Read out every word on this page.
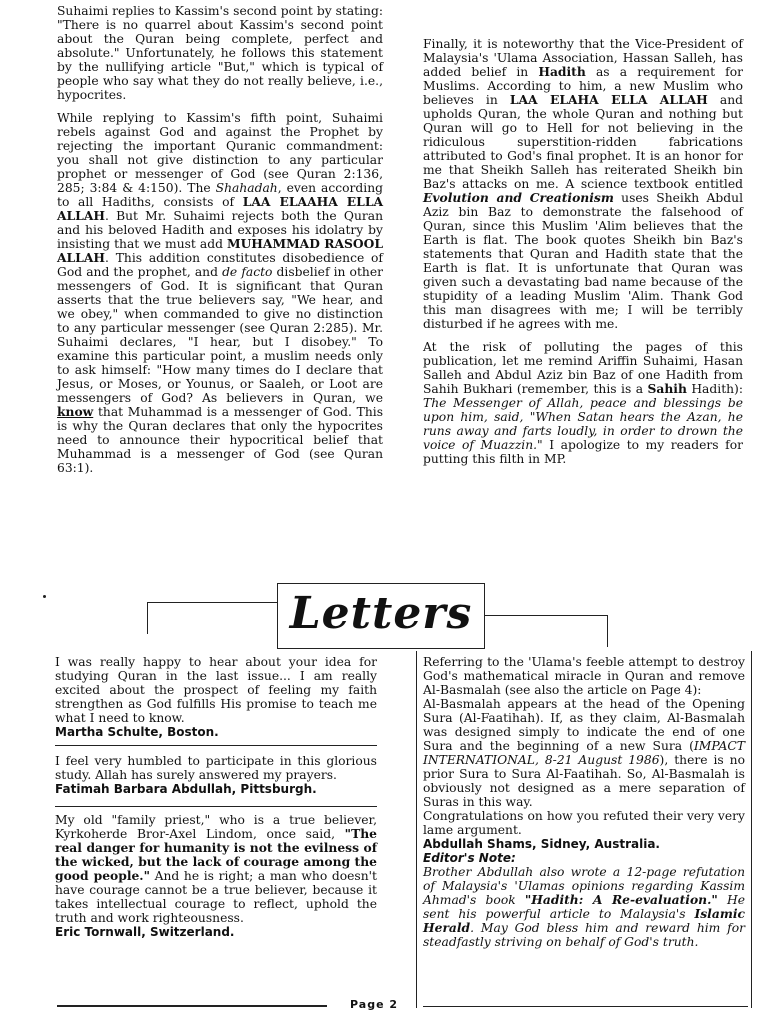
Suhaimi replies to Kassim's second point by stating: "There is no quarrel about Kassim's second point about the Quran being complete, perfect and absolute." Unfortunately, he follows this statement by the nullifying article "But," which is typical of people who say what they do not really believe, i.e., hypocrites.

While replying to Kassim's fifth point, Suhaimi rebels against God and against the Prophet by rejecting the important Quranic commandment: you shall not give distinction to any particular prophet or messenger of God (see Quran 2:136, 285; 3:84 & 4:150). The Shahadah, even according to all Hadiths, consists of LAA ELAAHA ELLA ALLAH. But Mr. Suhaimi rejects both the Quran and his beloved Hadith and exposes his idolatry by insisting that we must add MUHAMMAD RASOOL ALLAH. This addition constitutes disobedience of God and the prophet, and de facto disbelief in other messengers of God. It is significant that Quran asserts that the true believers say, "We hear, and we obey," when commanded to give no distinction to any particular messenger (see Quran 2:285). Mr. Suhaimi declares, "I hear, but I disobey." To examine this particular point, a muslim needs only to ask himself: "How many times do I declare that Jesus, or Moses, or Younus, or Saaleh, or Loot are messengers of God? As believers in Quran, we know that Muhammad is a messenger of God. This is why the Quran declares that only the hypocrites need to announce their hypocritical belief that Muhammad is a messenger of God (see Quran 63:1).

Finally, it is noteworthy that the Vice-President of Malaysia's 'Ulama Association, Hassan Salleh, has added belief in Hadith as a requirement for Muslims. According to him, a new Muslim who believes in LAA ELAHA ELLA ALLAH and upholds Quran, the whole Quran and nothing but Quran will go to Hell for not believing in the ridiculous superstition-ridden fabrications attributed to God's final prophet. It is an honor for me that Sheikh Salleh has reiterated Sheikh bin Baz's attacks on me. A science textbook entitled Evolution and Creationism uses Sheikh Abdul Aziz bin Baz to demonstrate the falsehood of Quran, since this Muslim 'Alim believes that the Earth is flat. The book quotes Sheikh bin Baz's statements that Quran and Hadith state that the Earth is flat. It is unfortunate that Quran was given such a devastating bad name because of the stupidity of a leading Muslim 'Alim. Thank God this man disagrees with me; I will be terribly disturbed if he agrees with me.

At the risk of polluting the pages of this publication, let me remind Ariffin Suhaimi, Hasan Salleh and Abdul Aziz bin Baz of one Hadith from Sahih Bukhari (remember, this is a Sahih Hadith): The Messenger of Allah, peace and blessings be upon him, said, "When Satan hears the Azan, he runs away and farts loudly, in order to drown the voice of Muazzin." I apologize to my readers for putting this filth in MP.

Letters
I was really happy to hear about your idea for studying Quran in the last issue... I am really excited about the prospect of feeling my faith strengthen as God fulfills His promise to teach me what I need to know.
Martha Schulte, Boston.
I feel very humbled to participate in this glorious study. Allah has surely answered my prayers.
Fatimah Barbara Abdullah, Pittsburgh.
My old "family priest," who is a true believer, Kyrkoherde Bror-Axel Lindom, once said, "The real danger for humanity is not the evilness of the wicked, but the lack of courage among the good people." And he is right; a man who doesn't have courage cannot be a true believer, because it takes intellectual courage to reflect, uphold the truth and work righteousness.
Eric Tornwall, Switzerland.
Referring to the 'Ulama's feeble attempt to destroy God's mathematical miracle in Quran and remove Al-Basmalah (see also the article on Page 4):
Al-Basmalah appears at the head of the Opening Sura (Al-Faatihah). If, as they claim, Al-Basmalah was designed simply to indicate the end of one Sura and the beginning of a new Sura (IMPACT INTERNATIONAL, 8-21 August 1986), there is no prior Sura to Sura Al-Faatihah. So, Al-Basmalah is obviously not designed as a mere separation of Suras in this way.
Congratulations on how you refuted their very very lame argument.
Abdullah Shams, Sidney, Australia.
Editor's Note:
Brother Abdullah also wrote a 12-page refutation of Malaysia's 'Ulamas opinions regarding Kassim Ahmad's book "Hadith: A Re-evaluation." He sent his powerful article to Malaysia's Islamic Herald. May God bless him and reward him for steadfastly striving on behalf of God's truth.
Page 2
